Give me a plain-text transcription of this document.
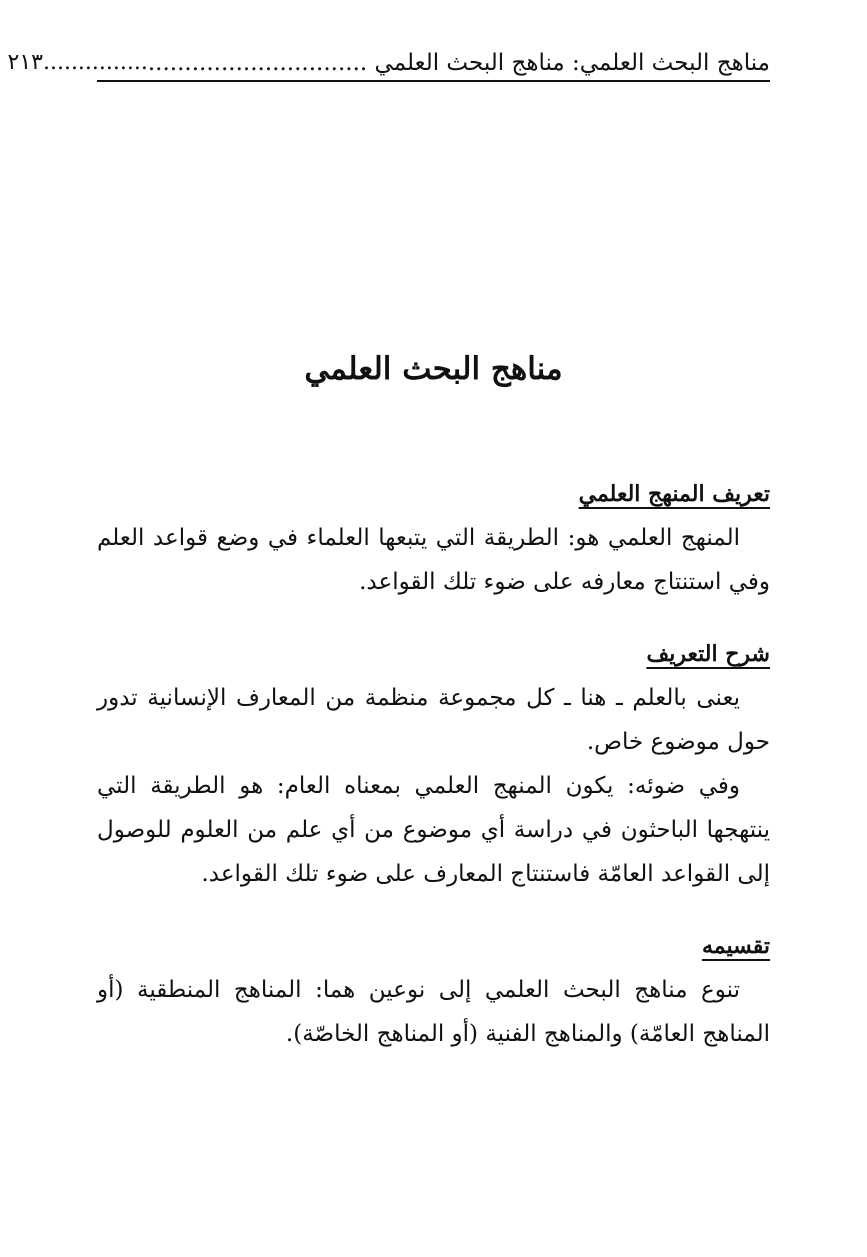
مناهج البحث العلمي: مناهج البحث العلمي ..............................
٢١٣...............
مناهج البحث العلمي
تعريف المنهج العلمي

المنهج العلمي هو: الطريقة التي يتبعها العلماء في وضع قواعد العلم وفي استنتاج معارفه على ضوء تلك القواعد.

شرح التعريف

يعنى بالعلم ـ هنا ـ كل مجموعة منظمة من المعارف الإنسانية تدور حول موضوع خاص.

وفي ضوئه: يكون المنهج العلمي بمعناه العام: هو الطريقة التي ينتهجها الباحثون في دراسة أي موضوع من أي علم من العلوم للوصول إلى القواعد العامّة فاستنتاج المعارف على ضوء تلك القواعد.

تقسيمه

تنوع مناهج البحث العلمي إلى نوعين هما: المناهج المنطقية (أو المناهج العامّة) والمناهج الفنية (أو المناهج الخاصّة).
